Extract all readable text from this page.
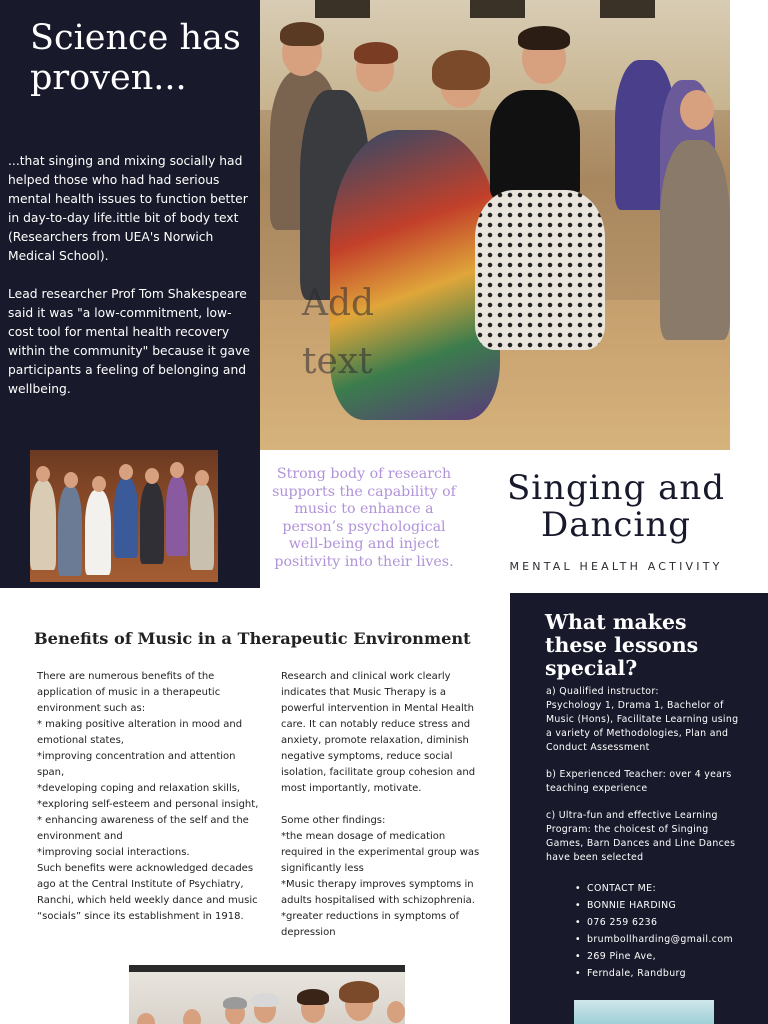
Science has proven...

...that singing and mixing socially had helped those who had had serious mental health issues to function better in day-to-day life.ittle bit of body text (Researchers from UEA's Norwich Medical School).

Lead researcher Prof Tom Shakespeare said it was "a low-commitment, low-cost tool for mental health recovery within the community" because it gave participants a feeling of belonging and wellbeing.

Add text

Strong body of research supports the capability of music to enhance a person’s psychological well-being and inject positivity into their lives.

Singing and Dancing
MENTAL HEALTH ACTIVITY
Benefits of Music in a Therapeutic Environment
There are numerous benefits of the application of music in a therapeutic environment such as:
* making positive alteration in mood and emotional states,
*improving concentration and attention span,
*developing coping and relaxation skills,
*exploring self-esteem and personal insight,
* enhancing awareness of the self and the environment and
*improving social interactions.
Such benefits were acknowledged decades ago at the Central Institute of Psychiatry, Ranchi, which held weekly dance and music “socials” since its establishment in 1918.
Research and clinical work clearly indicates that Music Therapy is a powerful intervention in Mental Health care. It can notably reduce stress and anxiety, promote relaxation, diminish negative symptoms, reduce social isolation, facilitate group cohesion and most importantly, motivate.

Some other findings:
*the mean dosage of medication required in the experimental group was significantly less
*Music therapy improves symptoms in adults hospitalised with schizophrenia.
*greater reductions in symptoms of depression
What makes these lessons special?

a) Qualified instructor:
Psychology 1, Drama 1, Bachelor of Music (Hons), Facilitate Learning using a variety of Methodologies, Plan and Conduct Assessment

b) Experienced Teacher: over 4 years teaching experience

c) Ultra-fun and effective Learning Program: the choicest of Singing Games, Barn Dances and Line Dances have been selected

• CONTACT ME:
• BONNIE HARDING
• 076 259 6236
• brumbollharding@gmail.com
• 269 Pine Ave,
• Ferndale, Randburg
